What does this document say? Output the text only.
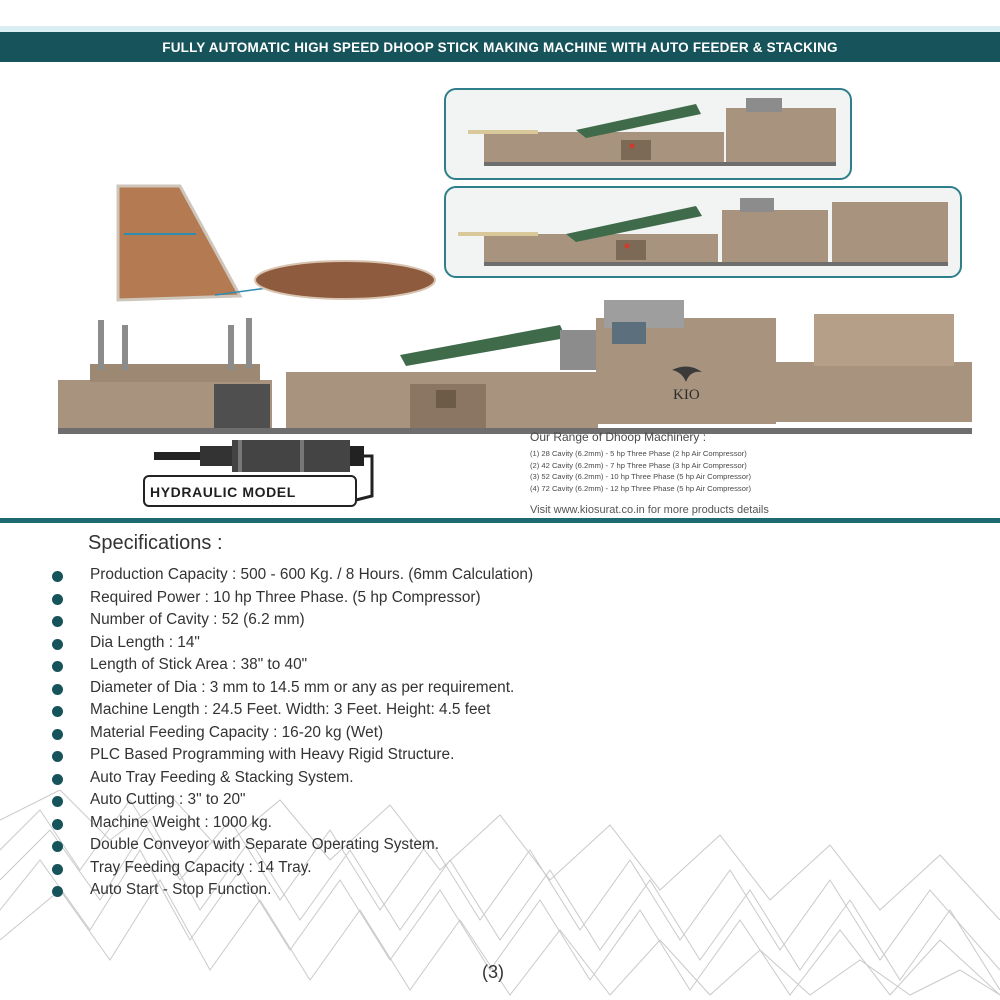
FULLY AUTOMATIC HIGH SPEED DHOOP STICK MAKING MACHINE WITH AUTO FEEDER & STACKING
KIO
HYDRAULIC MODEL
Our Range of Dhoop Machinery :
(1) 28 Cavity (6.2mm) - 5 hp Three Phase (2 hp Air Compressor)
(2) 42 Cavity (6.2mm) - 7 hp Three Phase (3 hp Air Compressor)
(3) 52 Cavity (6.2mm) - 10 hp Three Phase (5 hp Air Compressor)
(4) 72 Cavity (6.2mm) - 12 hp Three Phase (5 hp Air Compressor)
Visit www.kiosurat.co.in for more products details
Specifications :
Production Capacity : 500 - 600 Kg. / 8 Hours. (6mm Calculation)
Required Power : 10 hp Three Phase. (5 hp Compressor)
Number of Cavity : 52 (6.2 mm)
Dia Length : 14"
Length of Stick Area : 38" to 40"
Diameter of Dia : 3 mm to 14.5 mm or any as per requirement.
Machine Length : 24.5 Feet. Width: 3 Feet. Height: 4.5 feet
Material Feeding Capacity : 16-20 kg (Wet)
PLC Based Programming with Heavy Rigid Structure.
Auto Tray Feeding & Stacking System.
Auto Cutting : 3" to 20"
Machine Weight : 1000 kg.
Double Conveyor with Separate Operating System.
Tray Feeding Capacity : 14 Tray.
Auto Start - Stop Function.
(3)
